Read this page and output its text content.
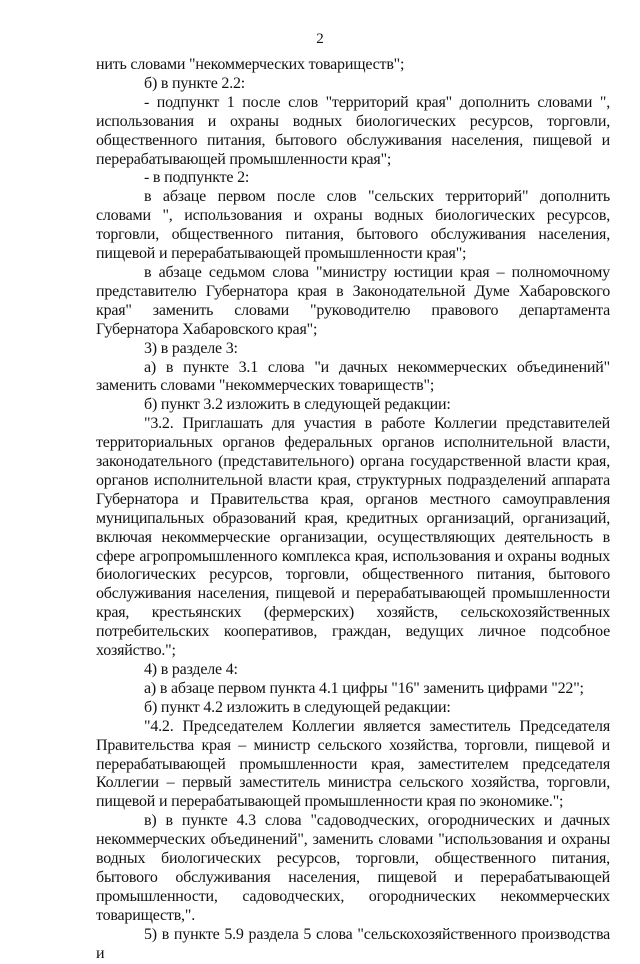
2

нить словами "некоммерческих товариществ";

б) в пункте 2.2:

- подпункт 1 после слов "территорий края" дополнить словами ", использования и охраны водных биологических ресурсов, торговли, общественного питания, бытового обслуживания населения, пищевой и перерабатывающей промышленности края";

- в подпункте 2:

в абзаце первом после слов "сельских территорий" дополнить словами ", использования и охраны водных биологических ресурсов, торговли, общественного питания, бытового обслуживания населения, пищевой и перерабатывающей промышленности края";

в абзаце седьмом слова "министру юстиции края – полномочному представителю Губернатора края в Законодательной Думе Хабаровского края" заменить словами "руководителю правового департамента Губернатора Хабаровского края";

3) в разделе 3:

а) в пункте 3.1 слова "и дачных некоммерческих объединений" заменить словами "некоммерческих товариществ";

б) пункт 3.2 изложить в следующей редакции:

"3.2. Приглашать для участия в работе Коллегии представителей территориальных органов федеральных органов исполнительной власти, законодательного (представительного) органа государственной власти края, органов исполнительной власти края, структурных подразделений аппарата Губернатора и Правительства края, органов местного самоуправления муниципальных образований края, кредитных организаций, организаций, включая некоммерческие организации, осуществляющих деятельность в сфере агропромышленного комплекса края, использования и охраны водных биологических ресурсов, торговли, общественного питания, бытового обслуживания населения, пищевой и перерабатывающей промышленности края, крестьянских (фермерских) хозяйств, сельскохозяйственных потребительских кооперативов, граждан, ведущих личное подсобное хозяйство.";

4) в разделе 4:

а) в абзаце первом пункта 4.1 цифры "16" заменить цифрами "22";

б) пункт 4.2 изложить в следующей редакции:

"4.2. Председателем Коллегии является заместитель Председателя Правительства края – министр сельского хозяйства, торговли, пищевой и перерабатывающей промышленности края, заместителем председателя Коллегии – первый заместитель министра сельского хозяйства, торговли, пищевой и перерабатывающей промышленности края по экономике.";

в) в пункте 4.3 слова "садоводческих, огороднических и дачных некоммерческих объединений", заменить словами "использования и охраны водных биологических ресурсов, торговли, общественного питания, бытового обслуживания населения, пищевой и перерабатывающей промышленности, садоводческих, огороднических некоммерческих товариществ,".

5) в пункте 5.9 раздела 5 слова "сельскохозяйственного производства и
